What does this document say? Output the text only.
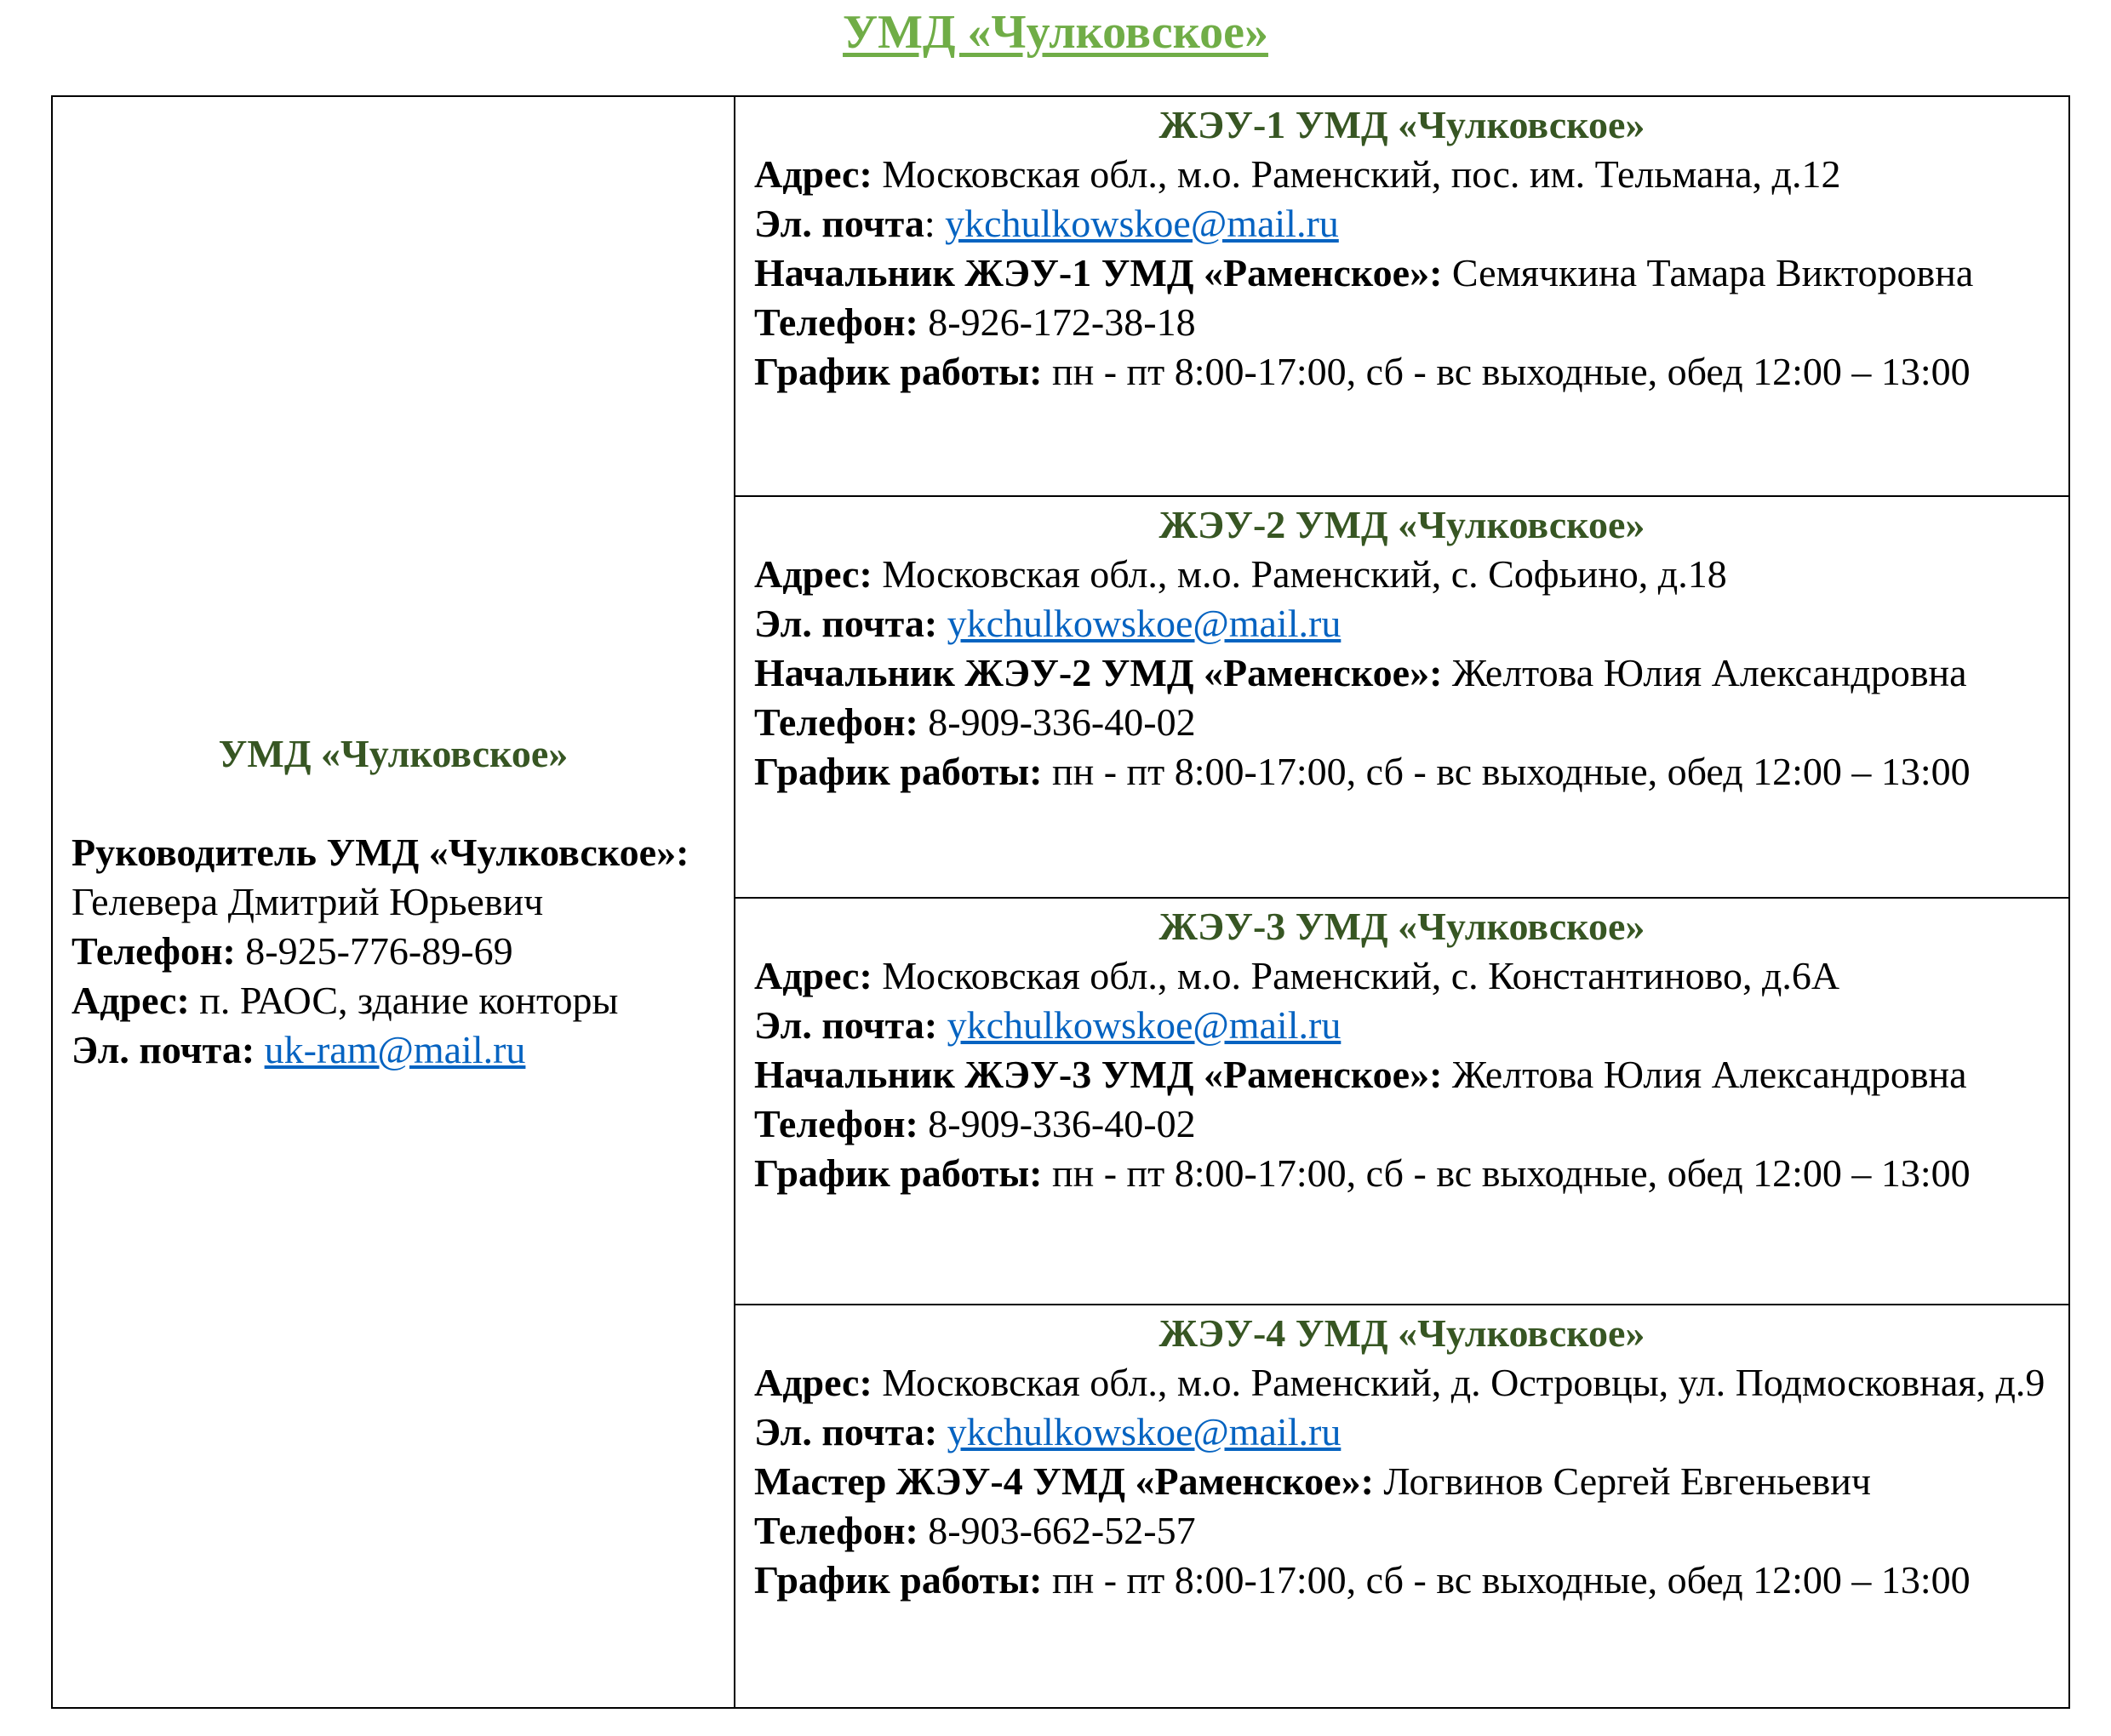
УМД «Чулковское»
УМД «Чулковское»
Руководитель УМД «Чулковское»: Гелевера Дмитрий Юрьевич
Телефон: 8-925-776-89-69
Адрес: п. РАОС, здание конторы
Эл. почта: uk-ram@mail.ru

ЖЭУ-1 УМД «Чулковское»
Адрес: Московская обл., м.о. Раменский, пос. им. Тельмана, д.12
Эл. почта: ykchulkowskoe@mail.ru
Начальник ЖЭУ-1 УМД «Раменское»: Семячкина Тамара Викторовна
Телефон: 8-926-172-38-18
График работы: пн - пт 8:00-17:00, сб - вс выходные, обед 12:00 – 13:00

ЖЭУ-2 УМД «Чулковское»
Адрес: Московская обл., м.о. Раменский, с. Софьино, д.18
Эл. почта: ykchulkowskoe@mail.ru
Начальник ЖЭУ-2 УМД «Раменское»: Желтова Юлия Александровна
Телефон: 8-909-336-40-02
График работы: пн - пт 8:00-17:00, сб - вс выходные, обед 12:00 – 13:00

ЖЭУ-3 УМД «Чулковское»
Адрес: Московская обл., м.о. Раменский, с. Константиново, д.6А
Эл. почта: ykchulkowskoe@mail.ru
Начальник ЖЭУ-3 УМД «Раменское»: Желтова Юлия Александровна
Телефон: 8-909-336-40-02
График работы: пн - пт 8:00-17:00, сб - вс выходные, обед 12:00 – 13:00

ЖЭУ-4 УМД «Чулковское»
Адрес: Московская обл., м.о. Раменский, д. Островцы, ул. Подмосковная, д.9
Эл. почта: ykchulkowskoe@mail.ru
Мастер ЖЭУ-4 УМД «Раменское»: Логвинов Сергей Евгеньевич
Телефон: 8-903-662-52-57
График работы: пн - пт 8:00-17:00, сб - вс выходные, обед 12:00 – 13:00
